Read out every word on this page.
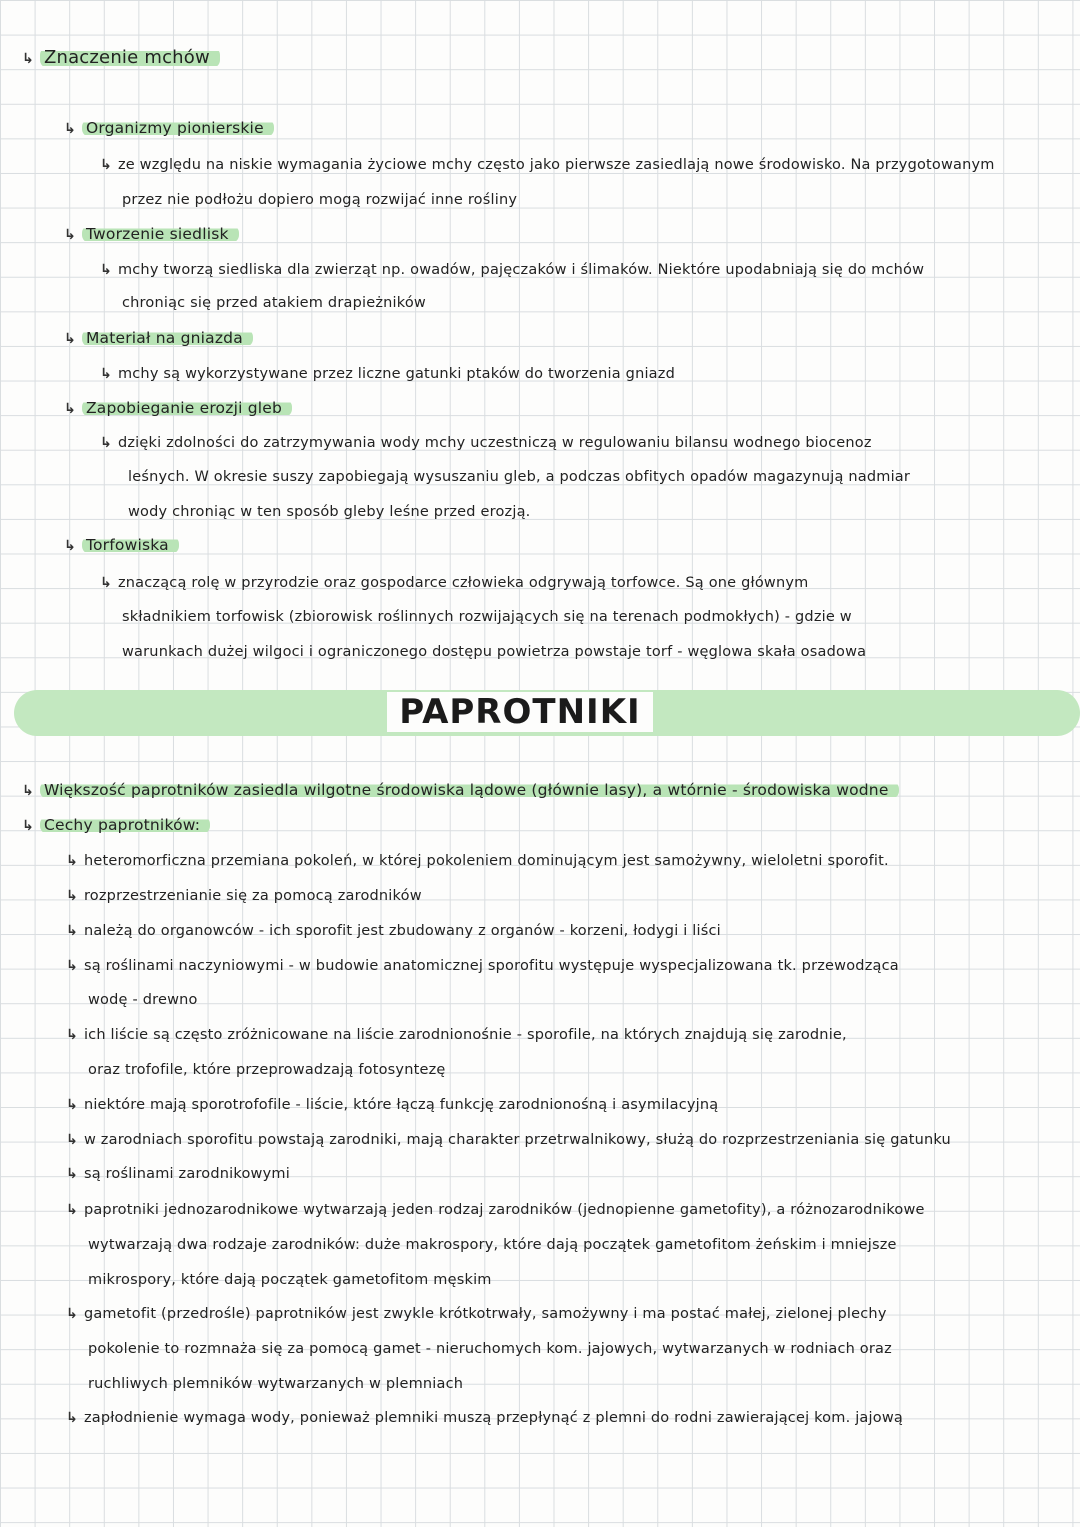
↳ Znaczenie mchów
↳ Organizmy pionierskie
↳ ze względu na niskie wymagania życiowe mchy często jako pierwsze zasiedlają nowe środowisko. Na przygotowanym
przez nie podłożu dopiero mogą rozwijać inne rośliny
↳ Tworzenie siedlisk
↳ mchy tworzą siedliska dla zwierząt np. owadów, pajęczaków i ślimaków. Niektóre upodabniają się do mchów
chroniąc się przed atakiem drapieżników
↳ Materiał na gniazda
↳ mchy są wykorzystywane przez liczne gatunki ptaków do tworzenia gniazd
↳ Zapobieganie erozji gleb
↳ dzięki zdolności do zatrzymywania wody mchy uczestniczą w regulowaniu bilansu wodnego biocenoz
leśnych. W okresie suszy zapobiegają wysuszaniu gleb, a podczas obfitych opadów magazynują nadmiar
wody chroniąc w ten sposób gleby leśne przed erozją.
↳ Torfowiska
↳ znaczącą rolę w przyrodzie oraz gospodarce człowieka odgrywają torfowce. Są one głównym
składnikiem torfowisk (zbiorowisk roślinnych rozwijających się na terenach podmokłych) - gdzie w
warunkach dużej wilgoci i ograniczonego dostępu powietrza powstaje torf - węglowa skała osadowa
PAPROTNIKI
↳ Większość paprotników zasiedla wilgotne środowiska lądowe (głównie lasy), a wtórnie - środowiska wodne
↳ Cechy paprotników:
↳ heteromorficzna przemiana pokoleń, w której pokoleniem dominującym jest samożywny, wieloletni sporofit.
↳ rozprzestrzenianie się za pomocą zarodników
↳ należą do organowców - ich sporofit jest zbudowany z organów - korzeni, łodygi i liści
↳ są roślinami naczyniowymi - w budowie anatomicznej sporofitu występuje wyspecjalizowana tk. przewodząca
wodę - drewno
↳ ich liście są często zróżnicowane na liście zarodnionośnie - sporofile, na których znajdują się zarodnie,
oraz trofofile, które przeprowadzają fotosyntezę
↳ niektóre mają sporotrofofile - liście, które łączą funkcję zarodnionośną i asymilacyjną
↳ w zarodniach sporofitu powstają zarodniki, mają charakter przetrwalnikowy, służą do rozprzestrzeniania się gatunku
↳ są roślinami zarodnikowymi
↳ paprotniki jednozarodnikowe wytwarzają jeden rodzaj zarodników (jednopienne gametofity), a różnozarodnikowe
wytwarzają dwa rodzaje zarodników: duże makrospory, które dają początek gametofitom żeńskim i mniejsze
mikrospory, które dają początek gametofitom męskim
↳ gametofit (przedrośle) paprotników jest zwykle krótkotrwały, samożywny i ma postać małej, zielonej plechy
pokolenie to rozmnaża się za pomocą gamet - nieruchomych kom. jajowych, wytwarzanych w rodniach oraz
ruchliwych plemników wytwarzanych w plemniach
↳ zapłodnienie wymaga wody, ponieważ plemniki muszą przepłynąć z plemni do rodni zawierającej kom. jajową
